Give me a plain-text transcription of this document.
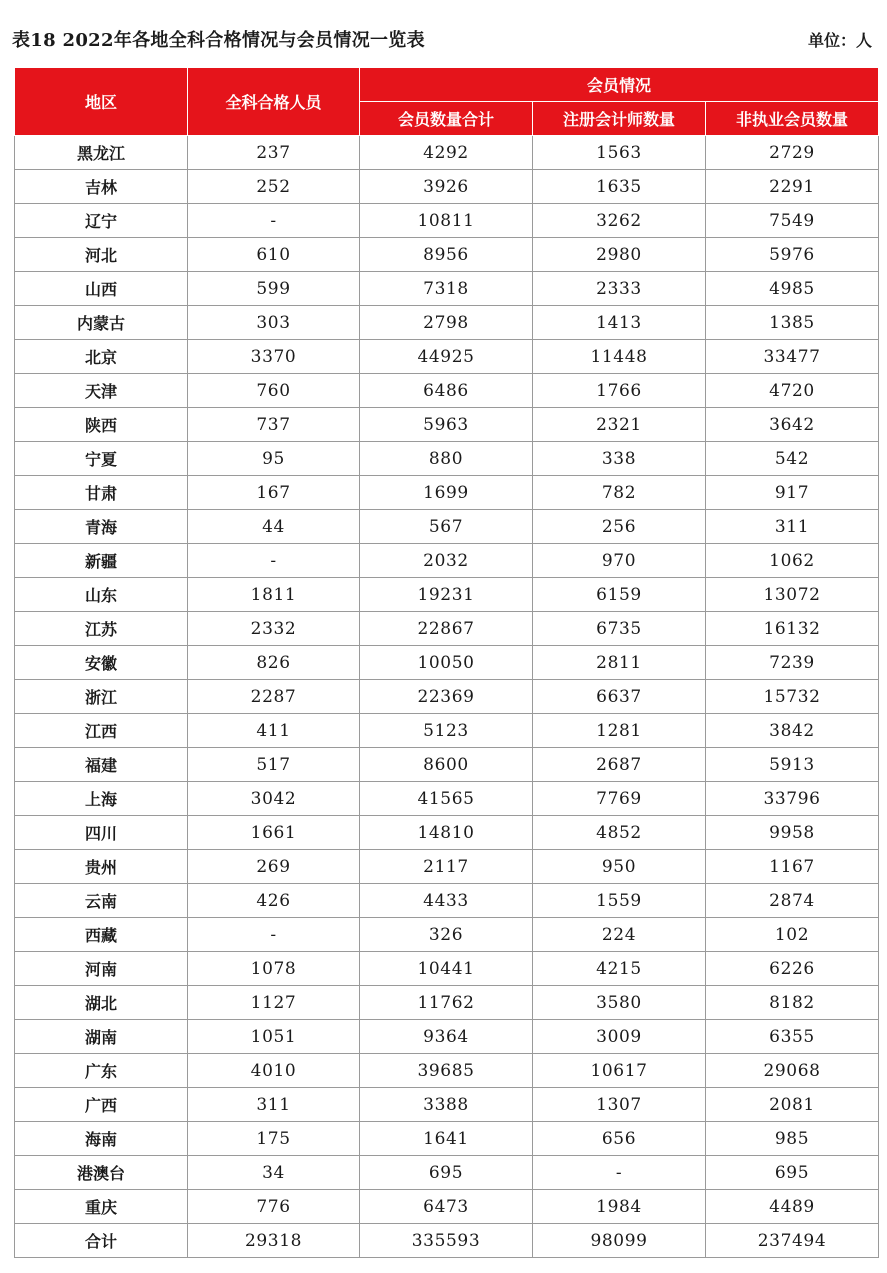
表18 2022年各地全科合格情况与会员情况一览表	单位：人
地区	全科合格人员	会员情况		
		会员数量合计	注册会计师数量	非执业会员数量
黑龙江	237	4292	1563	2729
吉林	252	3926	1635	2291
辽宁	-	10811	3262	7549
河北	610	8956	2980	5976
山西	599	7318	2333	4985
内蒙古	303	2798	1413	1385
北京	3370	44925	11448	33477
天津	760	6486	1766	4720
陕西	737	5963	2321	3642
宁夏	95	880	338	542
甘肃	167	1699	782	917
青海	44	567	256	311
新疆	-	2032	970	1062
山东	1811	19231	6159	13072
江苏	2332	22867	6735	16132
安徽	826	10050	2811	7239
浙江	2287	22369	6637	15732
江西	411	5123	1281	3842
福建	517	8600	2687	5913
上海	3042	41565	7769	33796
四川	1661	14810	4852	9958
贵州	269	2117	950	1167
云南	426	4433	1559	2874
西藏	-	326	224	102
河南	1078	10441	4215	6226
湖北	1127	11762	3580	8182
湖南	1051	9364	3009	6355
广东	4010	39685	10617	29068
广西	311	3388	1307	2081
海南	175	1641	656	985
港澳台	34	695	-	695
重庆	776	6473	1984	4489
合计	29318	335593	98099	237494
